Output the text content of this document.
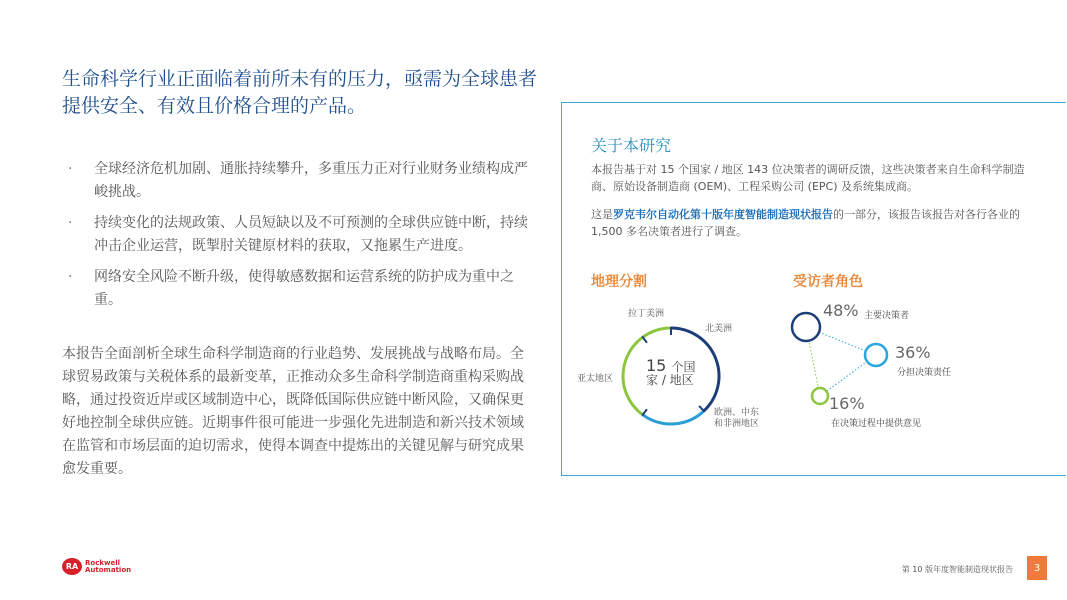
生命科学行业正面临着前所未有的压力，亟需为全球患者提供安全、有效且价格合理的产品。
· 全球经济危机加剧、通胀持续攀升，多重压力正对行业财务业绩构成严峻挑战。
· 持续变化的法规政策、人员短缺以及不可预测的全球供应链中断，持续冲击企业运营，既掣肘关键原材料的获取，又拖累生产进度。
· 网络安全风险不断升级，使得敏感数据和运营系统的防护成为重中之重。

本报告全面剖析全球生命科学制造商的行业趋势、发展挑战与战略布局。全球贸易政策与关税体系的最新变革，正推动众多生命科学制造商重构采购战略，通过投资近岸或区域制造中心，既降低国际供应链中断风险，又确保更好地控制全球供应链。近期事件很可能进一步强化先进制造和新兴技术领域在监管和市场层面的迫切需求，使得本调查中提炼出的关键见解与研究成果愈发重要。

关于本研究

本报告基于对 15 个国家 / 地区 143 位决策者的调研反馈，这些决策者来自生命科学制造商、原始设备制造商 (OEM)、工程采购公司 (EPC) 及系统集成商。

这是罗克韦尔自动化第十版年度智能制造现状报告的一部分，该报告该报告对各行各业的 1,500 多名决策者进行了调查。

地理分割	受访者角色
15 个国
家 / 地区
拉丁美洲
北美洲
亚太地区
欧洲、中东
和非洲地区
48% 主要决策者
36%
分担决策责任
16%
在决策过程中提供意见
RA Rockwell
Automation	第 10 版年度智能制造现状报告	3
